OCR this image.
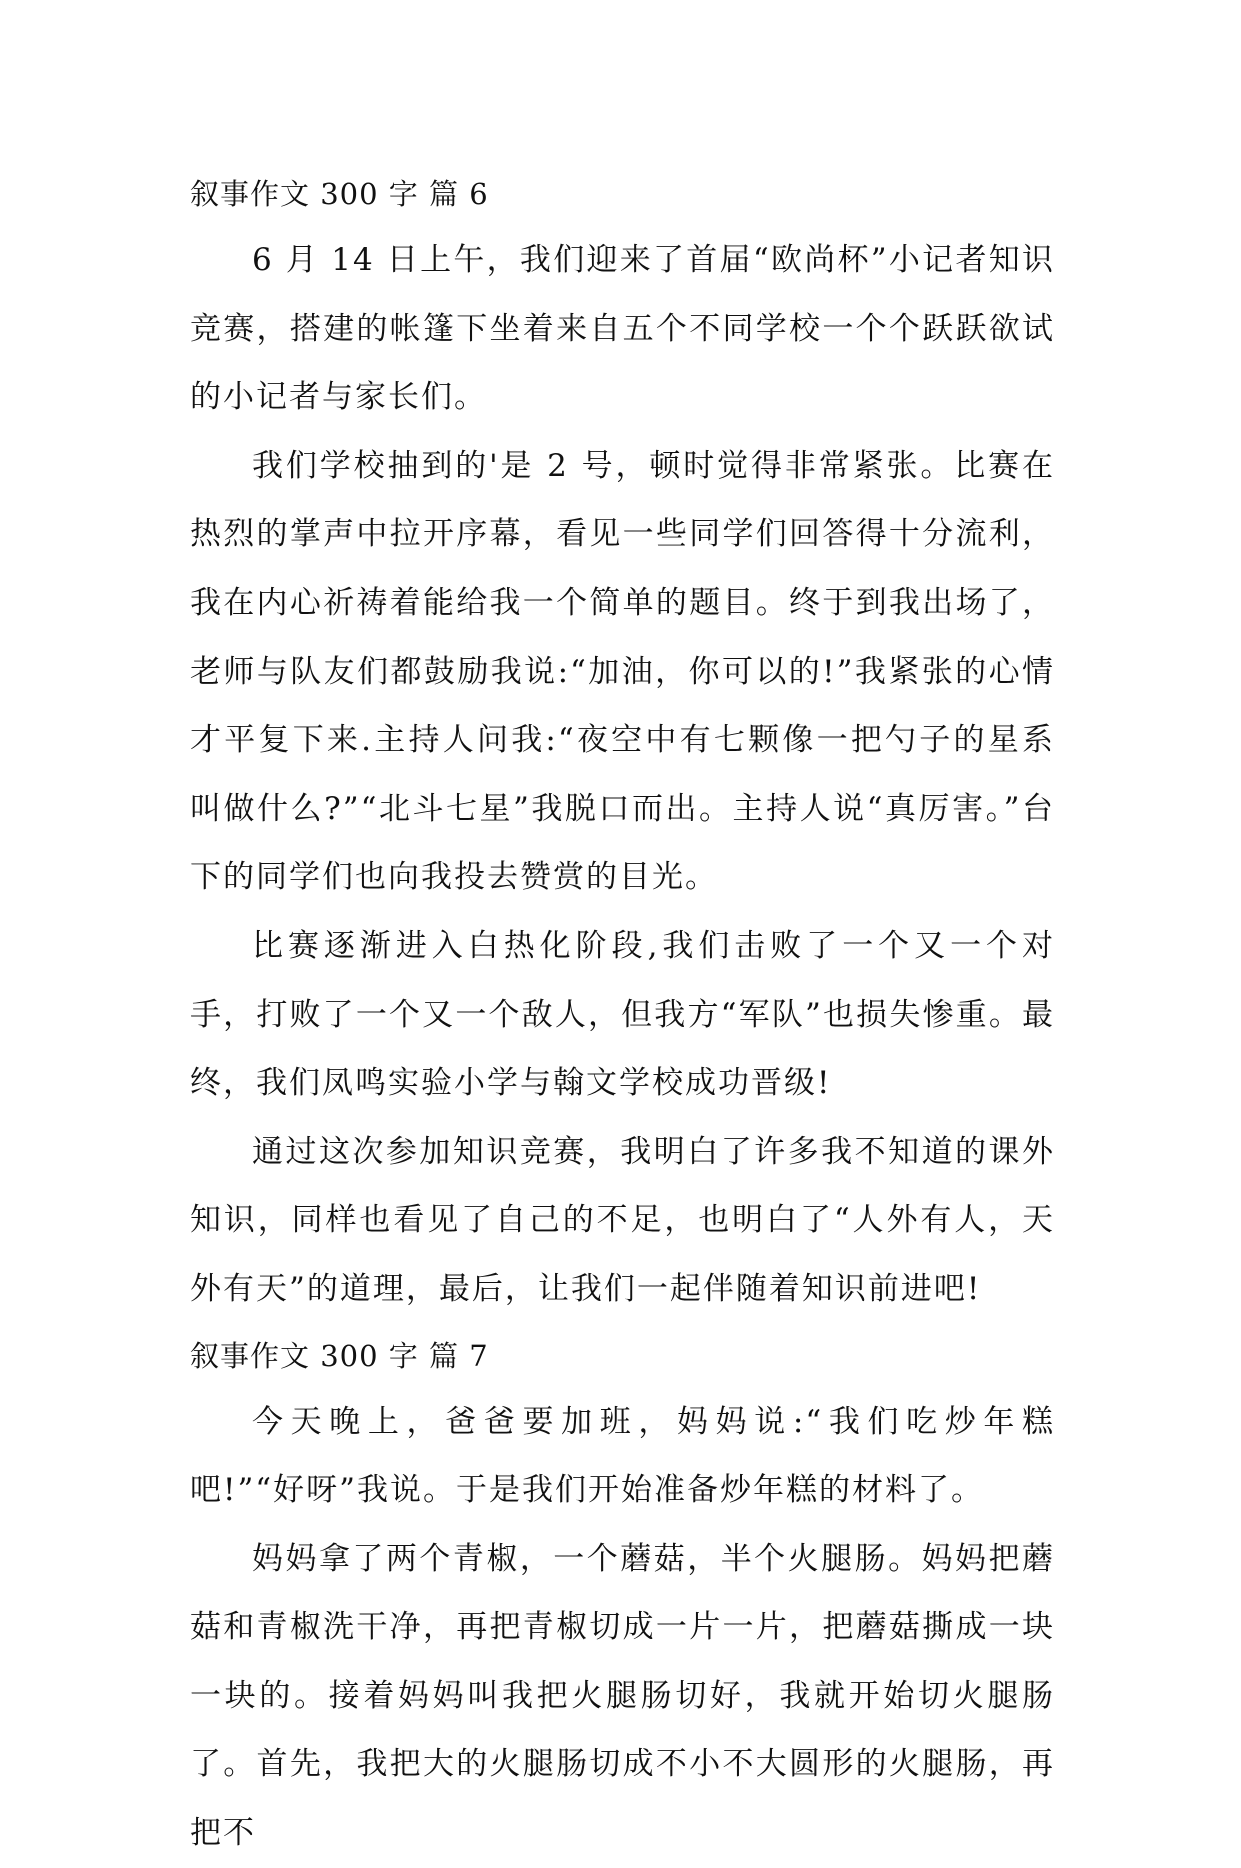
叙事作文 300 字 篇 6

6 月 14 日上午，我们迎来了首届“欧尚杯”小记者知识竞赛，搭建的帐篷下坐着来自五个不同学校一个个跃跃欲试的小记者与家长们。

我们学校抽到的'是 2 号，顿时觉得非常紧张。比赛在热烈的掌声中拉开序幕，看见一些同学们回答得十分流利，我在内心祈祷着能给我一个简单的题目。终于到我出场了，老师与队友们都鼓励我说:“加油，你可以的!”我紧张的心情才平复下来.主持人问我:“夜空中有七颗像一把勺子的星系叫做什么?”“北斗七星”我脱口而出。主持人说“真厉害。”台下的同学们也向我投去赞赏的目光。

比赛逐渐进入白热化阶段,我们击败了一个又一个对手，打败了一个又一个敌人，但我方“军队”也损失惨重。最终，我们凤鸣实验小学与翰文学校成功晋级!

通过这次参加知识竞赛，我明白了许多我不知道的课外知识，同样也看见了自己的不足，也明白了“人外有人，天外有天”的道理，最后，让我们一起伴随着知识前进吧!

叙事作文 300 字 篇 7

今天晚上，爸爸要加班，妈妈说:“我们吃炒年糕吧!”“好呀”我说。于是我们开始准备炒年糕的材料了。

妈妈拿了两个青椒，一个蘑菇，半个火腿肠。妈妈把蘑菇和青椒洗干净，再把青椒切成一片一片，把蘑菇撕成一块一块的。接着妈妈叫我把火腿肠切好，我就开始切火腿肠了。首先，我把大的火腿肠切成不小不大圆形的火腿肠，再把不
